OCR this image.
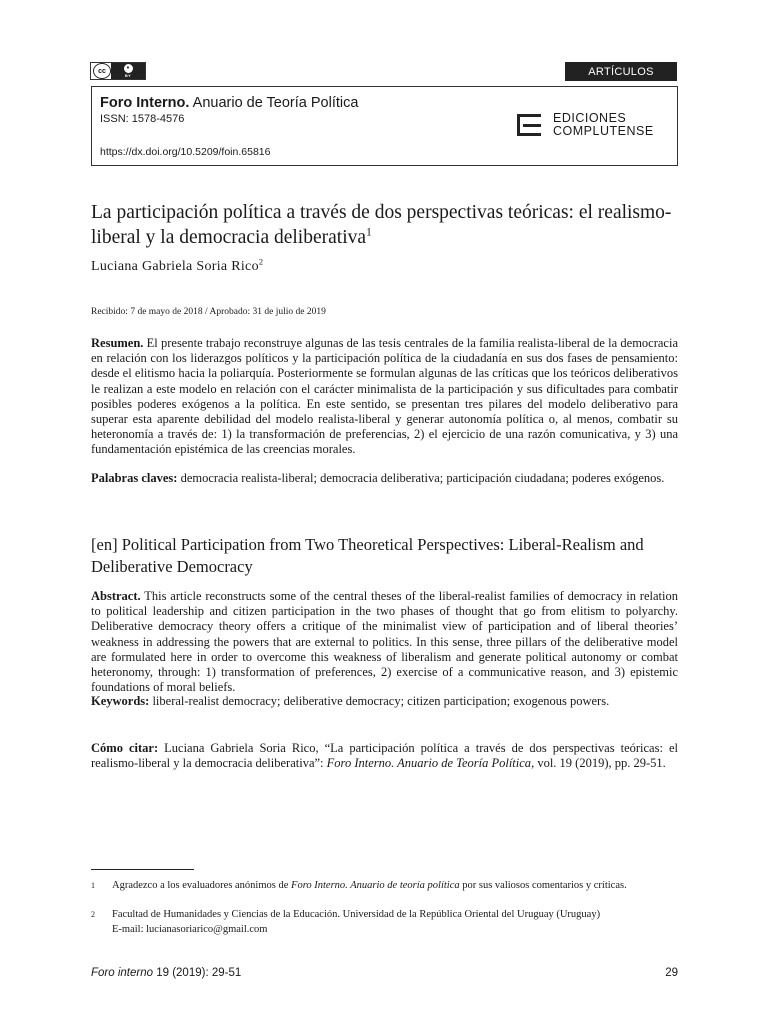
cc	•
BY	ARTÍCULOS
Foro Interno. Anuario de Teoría Política
ISSN: 1578-4576
https://dx.doi.org/10.5209/foin.65816
EDICIONES
COMPLUTENSE
La participación política a través de dos perspectivas teóricas: el realismo-liberal y la democracia deliberativa$^1$
Luciana Gabriela Soria Rico$^2$
Recibido: 7 de mayo de 2018 / Aprobado: 31 de julio de 2019

Resumen. El presente trabajo reconstruye algunas de las tesis centrales de la familia realista-liberal de la democracia en relación con los liderazgos políticos y la participación política de la ciudadanía en sus dos fases de pensamiento: desde el elitismo hacia la poliarquía. Posteriormente se formulan algunas de las críticas que los teóricos deliberativos le realizan a este modelo en relación con el carácter minimalista de la participación y sus dificultades para combatir posibles poderes exógenos a la política. En este sentido, se presentan tres pilares del modelo deliberativo para superar esta aparente debilidad del modelo realista-liberal y generar autonomía política o, al menos, combatir su heteronomía a través de: 1) la transformación de preferencias, 2) el ejercicio de una razón comunicativa, y 3) una fundamentación epistémica de las creencias morales.

Palabras claves: democracia realista-liberal; democracia deliberativa; participación ciudadana; poderes exógenos.

[en] Political Participation from Two Theoretical Perspectives: Liberal-Realism and Deliberative Democracy

Abstract. This article reconstructs some of the central theses of the liberal-realist families of democracy in relation to political leadership and citizen participation in the two phases of thought that go from elitism to polyarchy. Deliberative democracy theory offers a critique of the minimalist view of participation and of liberal theories’ weakness in addressing the powers that are external to politics. In this sense, three pillars of the deliberative model are formulated here in order to overcome this weakness of liberalism and generate political autonomy or combat heteronomy, through: 1) transformation of preferences, 2) exercise of a communicative reason, and 3) epistemic foundations of moral beliefs.

Keywords: liberal-realist democracy; deliberative democracy; citizen participation; exogenous powers.

Cómo citar: Luciana Gabriela Soria Rico, “La participación política a través de dos perspectivas teóricas: el realismo-liberal y la democracia deliberativa”: Foro Interno. Anuario de Teoría Política, vol. 19 (2019), pp. 29-51.

1 Agradezco a los evaluadores anónimos de Foro Interno. Anuario de teoría política por sus valiosos comentarios y críticas.
2 Facultad de Humanidades y Ciencias de la Educación. Universidad de la República Oriental del Uruguay (Uruguay)
E-mail: lucianasoriarico@gmail.com
Foro interno 19 (2019): 29-51	29
